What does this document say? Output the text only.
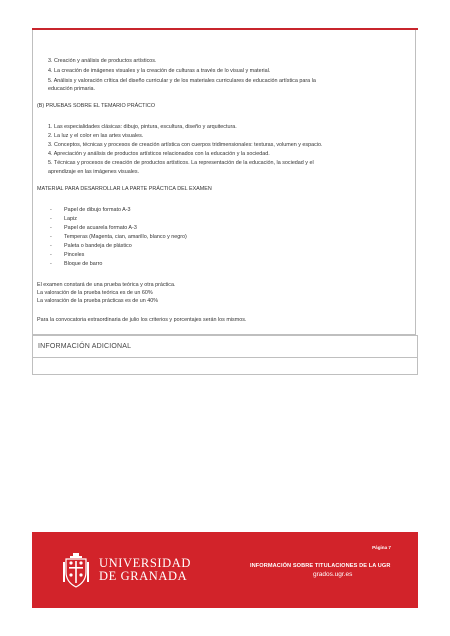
3. Creación y análisis de productos artísticos.
4. La creación de imágenes visuales y la creación de culturas a través de lo visual y material.
5. Análisis y valoración crítica del diseño curricular y de los materiales curriculares de educación artística para la
educación primaria.
(B) PRUEBAS SOBRE EL TEMARIO PRÁCTICO
1. Las especialidades clásicas: dibujo, pintura, escultura, diseño y arquitectura.
2. La luz y el color en las artes visuales.
3. Conceptos, técnicas y procesos de creación artística con cuerpos tridimensionales: texturas, volumen y espacio.
4. Apreciación y análisis de productos artísticos relacionados con la educación y la sociedad.
5. Técnicas y procesos de creación de productos artísticos. La representación de la educación, la sociedad y el
aprendizaje en las imágenes visuales.
MATERIAL PARA DESARROLLAR LA PARTE PRÁCTICA DEL EXAMEN
- Papel de dibujo formato A-3
- Lapiz
- Papel de acuarela formato A-3
- Temperas (Magenta, cian, amarillo, blanco y negro)
- Paleta o bandeja de plástico
- Pinceles
- Bloque de barro
El examen constará de una prueba teórica y otra práctica.
La valoración de la prueba teórica es de un 60%
La valoración de la prueba prácticas es de un 40%
Para la convocatoria extraordinaria de julio los criterios y porcentajes serán los mismos.
INFORMACIÓN ADICIONAL
UNIVERSIDAD
DE GRANADA
Página 7
INFORMACIÓN SOBRE TITULACIONES DE LA UGR
grados.ugr.es
